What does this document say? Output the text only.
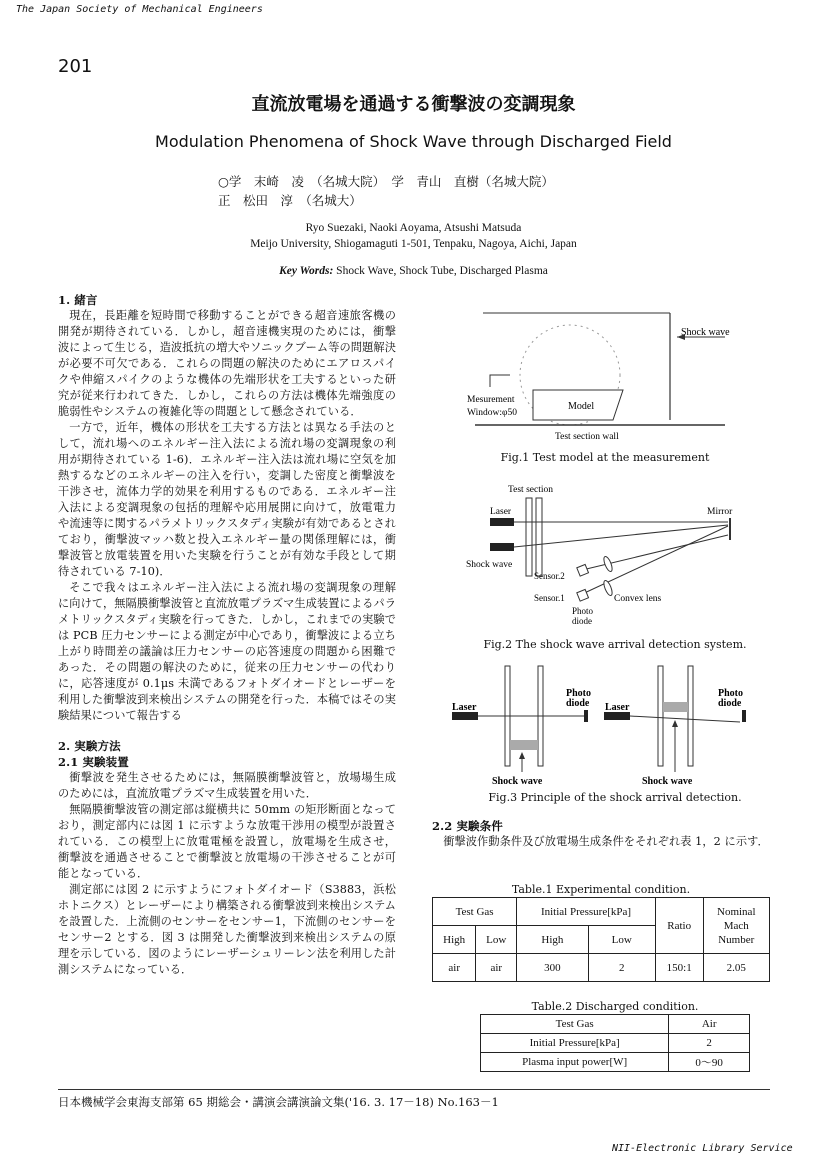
The Japan Society of Mechanical Engineers
201
直流放電場を通過する衝撃波の変調現象
Modulation Phenomena of Shock Wave through Discharged Field
○学　末崎　凌　（名城大院）　学　青山　直樹（名城大院）
正　松田　淳　（名城大）
Ryo Suezaki, Naoki Aoyama, Atsushi Matsuda
Meijo University, Shiogamaguti 1-501, Tenpaku, Nagoya, Aichi, Japan
Key Words: Shock Wave, Shock Tube, Discharged Plasma

1. 緒言

現在，長距離を短時間で移動することができる超音速旅客機の開発が期待されている．しかし，超音速機実現のためには，衝撃波によって生じる，造波抵抗の増大やソニックブーム等の問題解決が必要不可欠である．これらの問題の解決のためにエアロスパイクや伸縮スパイクのような機体の先端形状を工夫するといった研究が従来行われてきた．しかし，これらの方法は機体先端強度の脆弱性やシステムの複雑化等の問題として懸念されている．

一方で，近年，機体の形状を工夫する方法とは異なる手法のとして，流れ場へのエネルギー注入法による流れ場の変調現象の利用が期待されている 1-6)．エネルギー注入法は流れ場に空気を加熱するなどのエネルギーの注入を行い，変調した密度と衝撃波を干渉させ，流体力学的効果を利用するものである．エネルギー注入法による変調現象の包括的理解や応用展開に向けて，放電電力や流速等に関するパラメトリックスタディ実験が有効であるとされており，衝撃波マッハ数と投入エネルギー量の関係理解には，衝撃波管と放電装置を用いた実験を行うことが有効な手段として期待されている 7-10)．

そこで我々はエネルギー注入法による流れ場の変調現象の理解に向けて，無隔膜衝撃波管と直流放電プラズマ生成装置によるパラメトリックスタディ実験を行ってきた．しかし，これまでの実験では PCB 圧力センサーによる測定が中心であり，衝撃波による立ち上がり時間差の議論は圧力センサーの応答速度の問題から困難であった．その問題の解決のために，従来の圧力センサーの代わりに，応答速度が 0.1μs 未満であるフォトダイオードとレーザーを利用した衝撃波到来検出システムの開発を行った．本稿ではその実験結果について報告する

2. 実験方法

2.1 実験装置

衝撃波を発生させるためには，無隔膜衝撃波管と，放場場生成のためには，直流放電プラズマ生成装置を用いた．

無隔膜衝撃波管の測定部は縦横共に 50mm の矩形断面となっており，測定部内には図 1 に示すような放電干渉用の模型が設置されている．この模型上に放電電極を設置し，放電場を生成させ，衝撃波を通過させることで衝撃波と放電場の干渉させることが可能となっている．

測定部には図 2 に示すようにフォトダイオード（S3883，浜松ホトニクス）とレーザーにより構築される衝撃波到来検出システムを設置した．上流側のセンサーをセンサー1，下流側のセンサーをセンサー2 とする．図 3 は開発した衝撃波到来検出システムの原理を示している．図のようにレーザーシュリーレン法を利用した計測システムになっている．

Shock wave
Mesurement
Window:φ50
Model
Test section wall
Fig.1 Test model at the measurement
Test section
Laser	Mirror
Shock wave
Sensor.2
Sensor.1	Convex lens
Photo
diode
Fig.2 The shock wave arrival detection system.
Laser
Photo
diode
Shock wave
Laser
Photo
diode
Shock wave
Fig.3 Principle of the shock arrival detection.

2.2 実験条件

衝撃波作動条件及び放電場生成条件をそれぞれ表 1，2 に示す．

Table.1 Experimental condition.
Test Gas		Initial Pressure[kPa]		Ratio	Nominal
Mach
Number
High	Low	High	Low		
air	air	300	2	150:1	2.05
Table.2 Discharged condition.
Test Gas	Air
Initial Pressure[kPa]	2
Plasma input power[W]	0～90
日本機械学会東海支部第 65 期総会・講演会講演論文集('16. 3. 17－18) No.163－1
NII-Electronic Library Service
